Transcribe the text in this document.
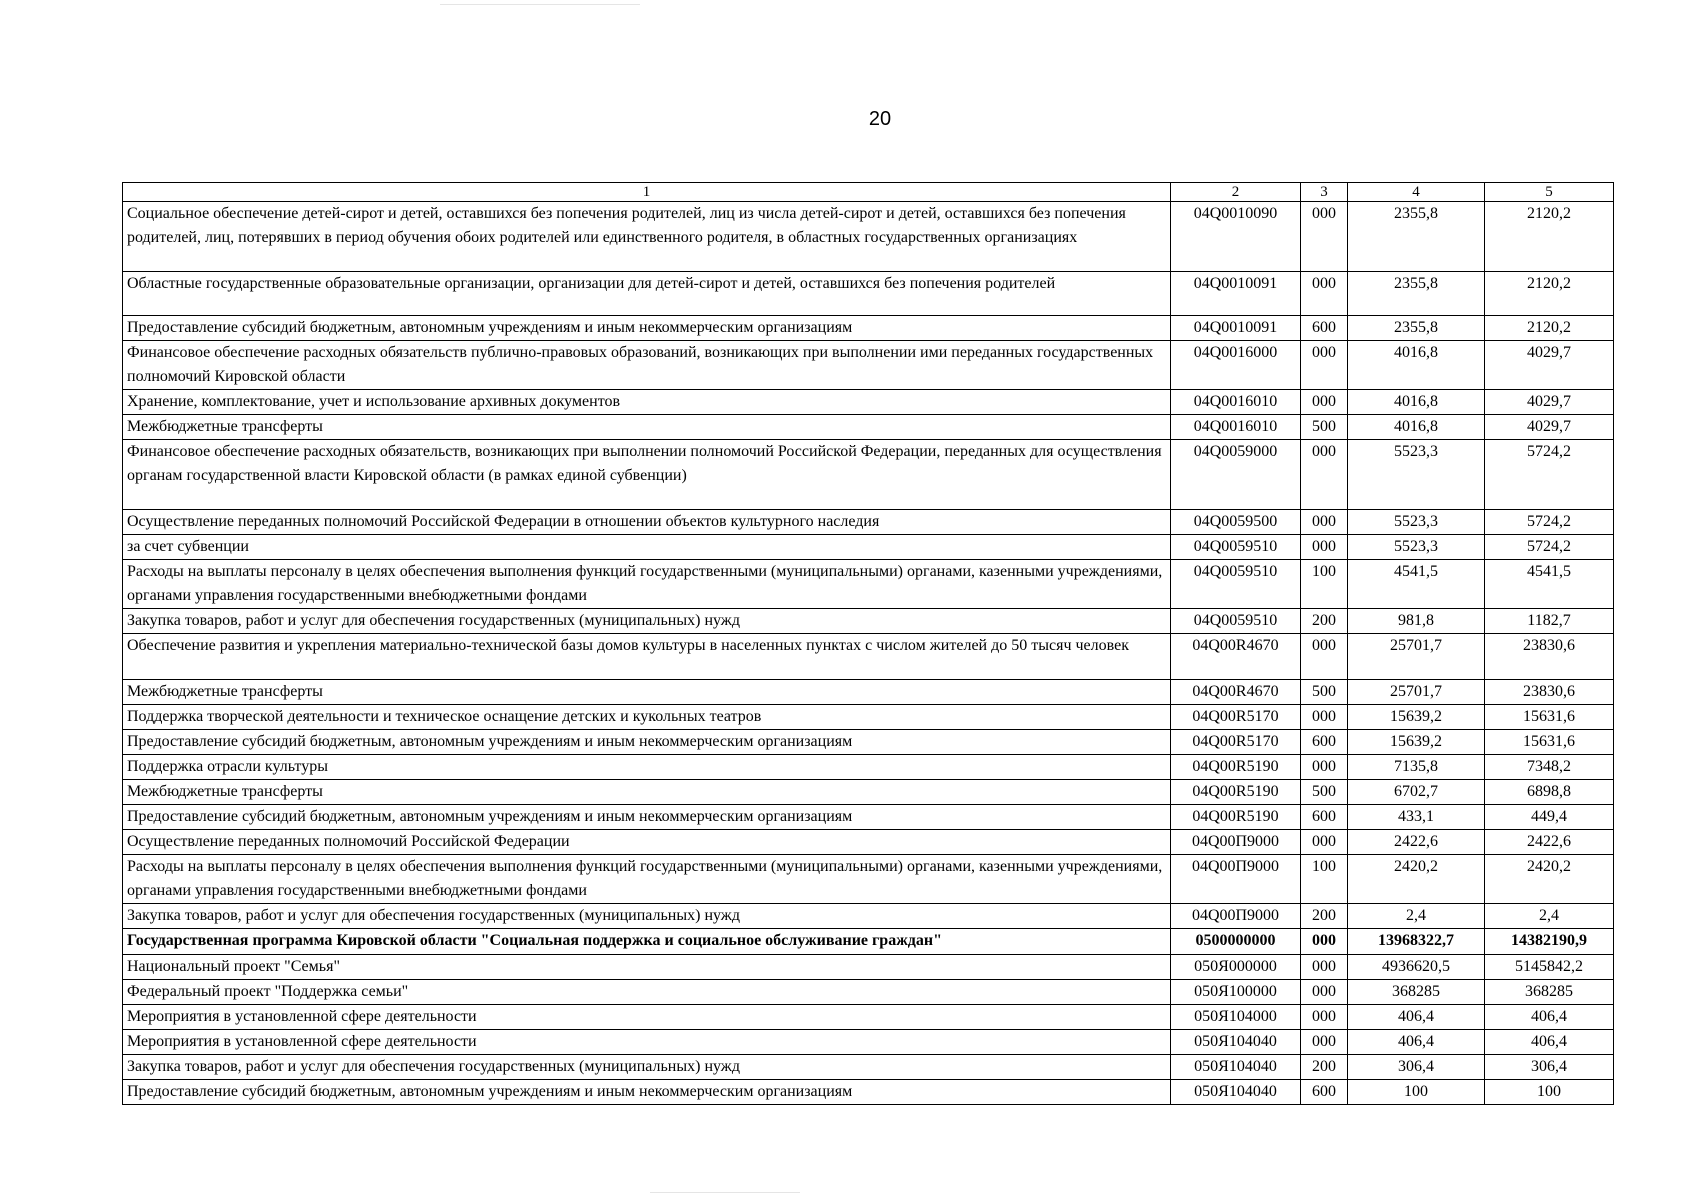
20
1	2	3	4	5
Социальное обеспечение детей-сирот и детей, оставшихся без попечения родителей, лиц из числа детей-сирот и детей, оставшихся без попечения родителей, лиц, потерявших в период обучения обоих родителей или единственного родителя, в областных государственных организациях	04Q0010090	000	2355,8	2120,2
Областные государственные образовательные организации, организации для детей-сирот и детей, оставшихся без попечения родителей	04Q0010091	000	2355,8	2120,2
Предоставление субсидий бюджетным, автономным учреждениям и иным некоммерческим организациям	04Q0010091	600	2355,8	2120,2
Финансовое обеспечение расходных обязательств публично-правовых образований, возникающих при выполнении ими переданных государственных полномочий Кировской области	04Q0016000	000	4016,8	4029,7
Хранение, комплектование, учет и использование архивных документов	04Q0016010	000	4016,8	4029,7
Межбюджетные трансферты	04Q0016010	500	4016,8	4029,7
Финансовое обеспечение расходных обязательств, возникающих при выполнении полномочий Российской Федерации, переданных для осуществления органам государственной власти Кировской области (в рамках единой субвенции)	04Q0059000	000	5523,3	5724,2
Осуществление переданных полномочий Российской Федерации в отношении объектов культурного наследия	04Q0059500	000	5523,3	5724,2
за счет субвенции	04Q0059510	000	5523,3	5724,2
Расходы на выплаты персоналу в целях обеспечения выполнения функций государственными (муниципальными) органами, казенными учреждениями, органами управления государственными внебюджетными фондами	04Q0059510	100	4541,5	4541,5
Закупка товаров, работ и услуг для обеспечения государственных (муниципальных) нужд	04Q0059510	200	981,8	1182,7
Обеспечение развития и укрепления материально-технической базы домов культуры в населенных пунктах с числом жителей до 50 тысяч человек	04Q00R4670	000	25701,7	23830,6
Межбюджетные трансферты	04Q00R4670	500	25701,7	23830,6
Поддержка творческой деятельности и техническое оснащение детских и кукольных театров	04Q00R5170	000	15639,2	15631,6
Предоставление субсидий бюджетным, автономным учреждениям и иным некоммерческим организациям	04Q00R5170	600	15639,2	15631,6
Поддержка отрасли культуры	04Q00R5190	000	7135,8	7348,2
Межбюджетные трансферты	04Q00R5190	500	6702,7	6898,8
Предоставление субсидий бюджетным, автономным учреждениям и иным некоммерческим организациям	04Q00R5190	600	433,1	449,4
Осуществление переданных полномочий Российской Федерации	04Q00П9000	000	2422,6	2422,6
Расходы на выплаты персоналу в целях обеспечения выполнения функций государственными (муниципальными) органами, казенными учреждениями, органами управления государственными внебюджетными фондами	04Q00П9000	100	2420,2	2420,2
Закупка товаров, работ и услуг для обеспечения государственных (муниципальных) нужд	04Q00П9000	200	2,4	2,4
Государственная программа Кировской области "Социальная поддержка и социальное обслуживание граждан"	0500000000	000	13968322,7	14382190,9
Национальный проект "Семья"	050Я000000	000	4936620,5	5145842,2
Федеральный проект "Поддержка семьи"	050Я100000	000	368285	368285
Мероприятия в установленной сфере деятельности	050Я104000	000	406,4	406,4
Мероприятия в установленной сфере деятельности	050Я104040	000	406,4	406,4
Закупка товаров, работ и услуг для обеспечения государственных (муниципальных) нужд	050Я104040	200	306,4	306,4
Предоставление субсидий бюджетным, автономным учреждениям и иным некоммерческим организациям	050Я104040	600	100	100
